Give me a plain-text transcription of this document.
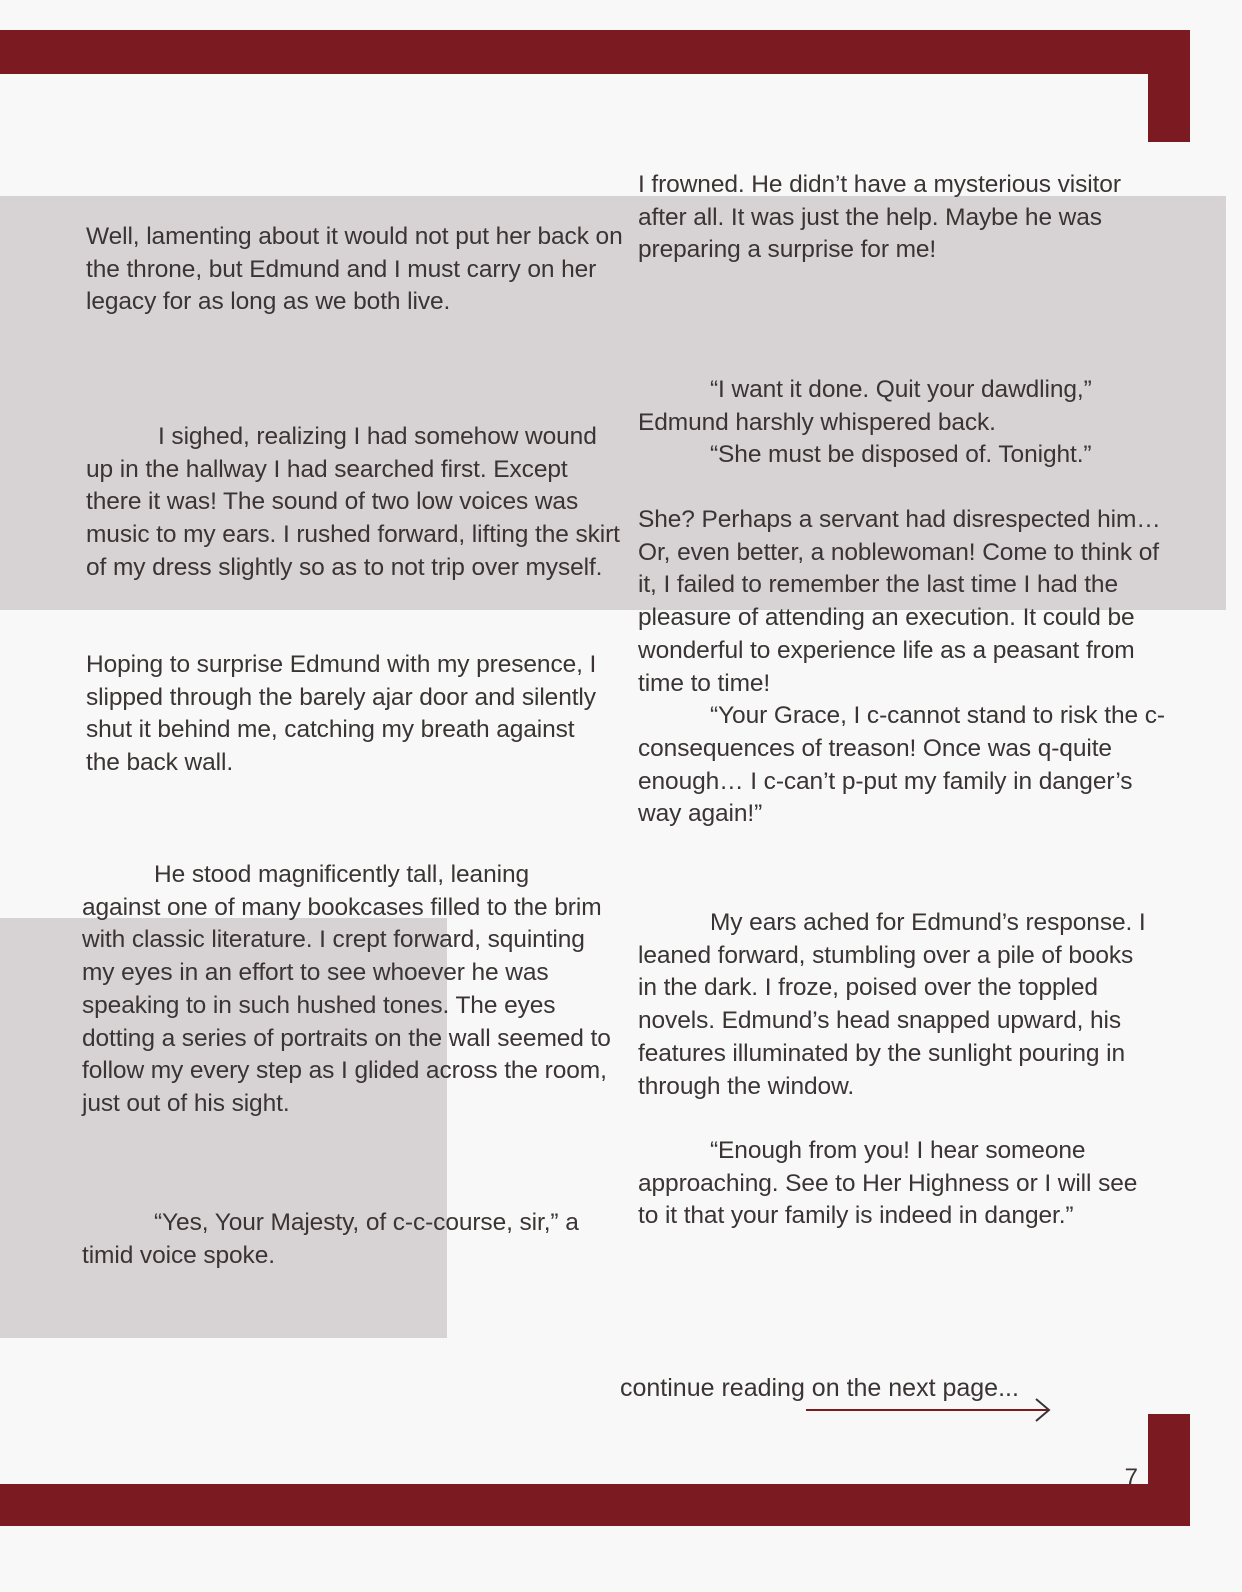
Well, lamenting about it would not put her back on the throne, but Edmund and I must carry on her legacy for as long as we both live.

I sighed, realizing I had somehow wound up in the hallway I had searched first. Except there it was! The sound of two low voices was music to my ears. I rushed forward, lifting the skirt of my dress slightly so as to not trip over myself.

Hoping to surprise Edmund with my presence, I slipped through the barely ajar door and silently shut it behind me, catching my breath against the back wall.

He stood magnificently tall, leaning against one of many bookcases filled to the brim with classic literature. I crept forward, squinting my eyes in an effort to see whoever he was speaking to in such hushed tones. The eyes dotting a series of portraits on the wall seemed to follow my every step as I glided across the room, just out of his sight.

“Yes, Your Majesty, of c-c-course, sir,” a timid voice spoke.

I frowned. He didn’t have a mysterious visitor after all. It was just the help. Maybe he was preparing a surprise for me!

“I want it done. Quit your dawdling,” Edmund harshly whispered back.

“She must be disposed of. Tonight.”

She? Perhaps a servant had disrespected him… Or, even better, a noblewoman! Come to think of it, I failed to remember the last time I had the pleasure of attending an execution. It could be wonderful to experience life as a peasant from time to time!

“Your Grace, I c-cannot stand to risk the c-consequences of treason! Once was q-quite enough… I c-can’t p-put my family in danger’s way again!”

My ears ached for Edmund’s response. I leaned forward, stumbling over a pile of books in the dark. I froze, poised over the toppled novels. Edmund’s head snapped upward, his features illuminated by the sunlight pouring in through the window.

“Enough from you! I hear someone approaching. See to Her Highness or I will see to it that your family is indeed in danger.”

continue reading on the next page...
7
